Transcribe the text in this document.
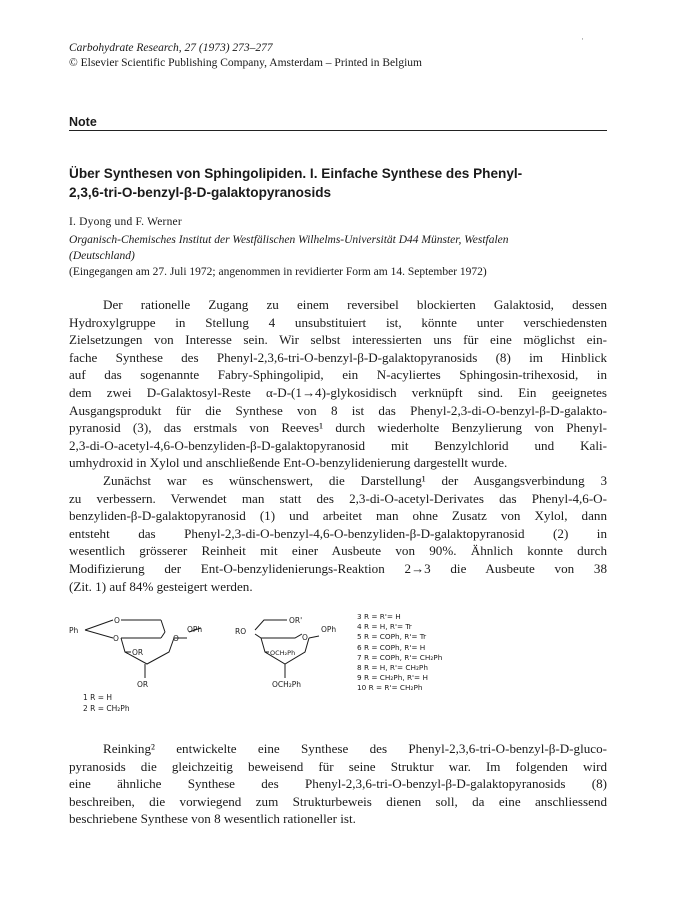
·
Carbohydrate Research, 27 (1973) 273–277
© Elsevier Scientific Publishing Company, Amsterdam – Printed in Belgium
Note
Über Synthesen von Sphingolipiden. I. Einfache Synthese des Phenyl-
2,3,6-tri-O-benzyl-β-D-galaktopyranosids
I. Dyong und F. Werner
Organisch-Chemisches Institut der Westfälischen Wilhelms-Universität D44 Münster, Westfalen
(Deutschland)
(Eingegangen am 27. Juli 1972; angenommen in revidierter Form am 14. September 1972)
Der rationelle Zugang zu einem reversibel blockierten Galaktosid, dessen
Hydroxylgruppe in Stellung 4 unsubstituiert ist, könnte unter verschiedensten
Zielsetzungen von Interesse sein. Wir selbst interessierten uns für eine möglichst ein-
fache Synthese des Phenyl-2,3,6-tri-O-benzyl-β-D-galaktopyranosids (8) im Hinblick
auf das sogenannte Fabry-Sphingolipid, ein N-acyliertes Sphingosin-trihexosid, in
dem zwei D-Galaktosyl-Reste α-D-(1→4)-glykosidisch verknüpft sind. Ein geeignetes
Ausgangsprodukt für die Synthese von 8 ist das Phenyl-2,3-di-O-benzyl-β-D-galakto-
pyranosid (3), das erstmals von Reeves¹ durch wiederholte Benzylierung von Phenyl-
2,3-di-O-acetyl-4,6-O-benzyliden-β-D-galaktopyranosid mit Benzylchlorid und Kali-
umhydroxid in Xylol und anschließende Ent-O-benzylidenierung dargestellt wurde.
Zunächst war es wünschenswert, die Darstellung¹ der Ausgangsverbindung 3
zu verbessern. Verwendet man statt des 2,3-di-O-acetyl-Derivates das Phenyl-4,6-O-
benzyliden-β-D-galaktopyranosid (1) und arbeitet man ohne Zusatz von Xylol, dann
entsteht das Phenyl-2,3-di-O-benzyl-4,6-O-benzyliden-β-D-galaktopyranosid (2) in
wesentlich grösserer Reinheit mit einer Ausbeute von 90%. Ähnlich konnte durch
Modifizierung der Ent-O-benzylidenierungs-Reaktion 2→3 die Ausbeute von 38
(Zit. 1) auf 84% gesteigert werden.
O
Ph
O	O
OPh
OR
OR
1 R = H
2 R = CH₂Ph
OR'
RO
O
OPh
OCH₂Ph
OCH₂Ph
3 R = R'= H
4 R = H, R'= Tr
5 R = COPh, R'= Tr
6 R = COPh, R'= H
7 R = COPh, R'= CH₂Ph
8 R = H, R'= CH₂Ph
9 R = CH₂Ph, R'= H
10 R = R'= CH₂Ph
Reinking² entwickelte eine Synthese des Phenyl-2,3,6-tri-O-benzyl-β-D-gluco-
pyranosids die gleichzeitig beweisend für seine Struktur war. Im folgenden wird
eine ähnliche Synthese des Phenyl-2,3,6-tri-O-benzyl-β-D-galaktopyranosids (8)
beschreiben, die vorwiegend zum Strukturbeweis dienen soll, da eine anschliessend
beschriebene Synthese von 8 wesentlich rationeller ist.
